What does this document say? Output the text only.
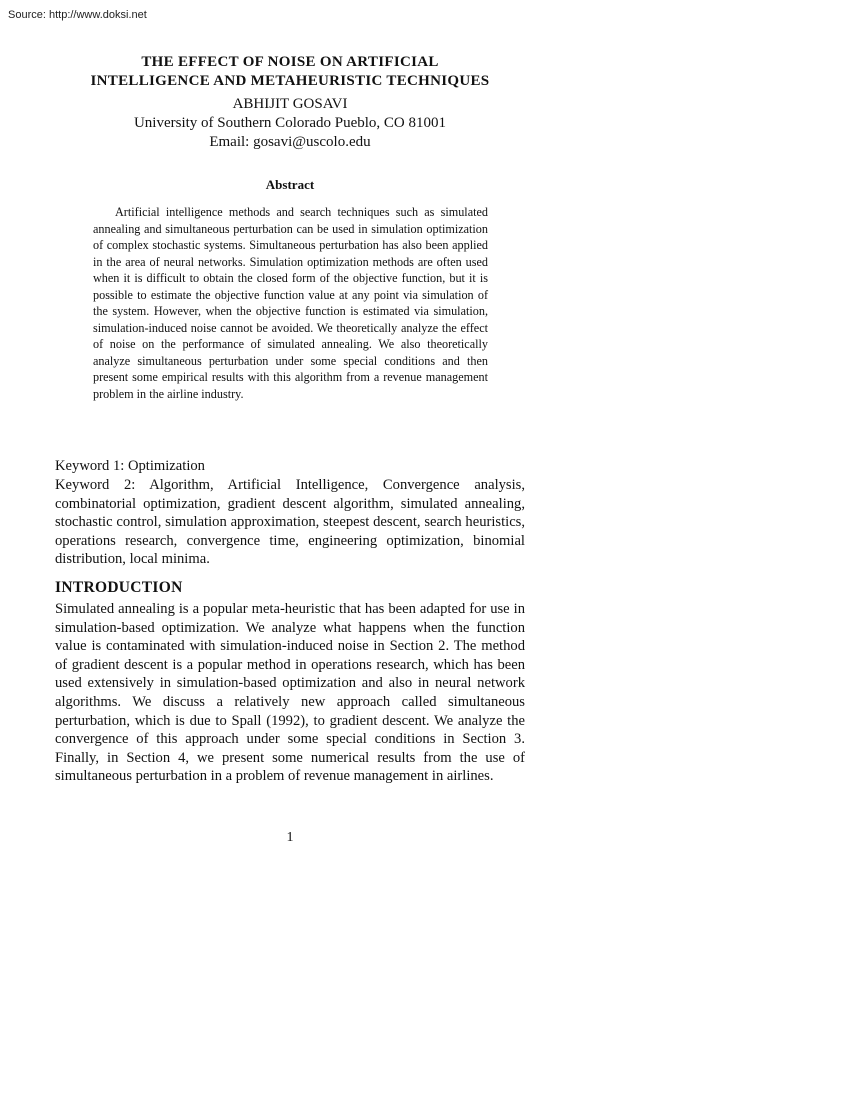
Source: http://www.doksi.net
THE EFFECT OF NOISE ON ARTIFICIAL
INTELLIGENCE AND METAHEURISTIC TECHNIQUES
ABHIJIT GOSAVI
University of Southern Colorado Pueblo, CO 81001
Email: gosavi@uscolo.edu
Abstract
Artificial intelligence methods and search techniques such as simulated annealing and simultaneous perturbation can be used in simulation optimization of complex stochastic systems. Simultaneous perturbation has also been applied in the area of neural networks. Simulation optimization methods are often used when it is difficult to obtain the closed form of the objective function, but it is possible to estimate the objective function value at any point via simulation of the system. However, when the objective function is estimated via simulation, simulation-induced noise cannot be avoided. We theoretically analyze the effect of noise on the performance of simulated annealing. We also theoretically analyze simultaneous perturbation under some special conditions and then present some empirical results with this algorithm from a revenue management problem in the airline industry.
Keyword 1: Optimization
Keyword 2: Algorithm, Artificial Intelligence, Convergence analysis, combinatorial optimization, gradient descent algorithm, simulated annealing, stochastic control, simulation approximation, steepest descent, search heuristics, operations research, convergence time, engineering optimization, binomial distribution, local minima.
INTRODUCTION
Simulated annealing is a popular meta-heuristic that has been adapted for use in simulation-based optimization. We analyze what happens when the function value is contaminated with simulation-induced noise in Section 2. The method of gradient descent is a popular method in operations research, which has been used extensively in simulation-based optimization and also in neural network algorithms. We discuss a relatively new approach called simultaneous perturbation, which is due to Spall (1992), to gradient descent. We analyze the convergence of this approach under some special conditions in Section 3. Finally, in Section 4, we present some numerical results from the use of simultaneous perturbation in a problem of revenue management in airlines.
1
